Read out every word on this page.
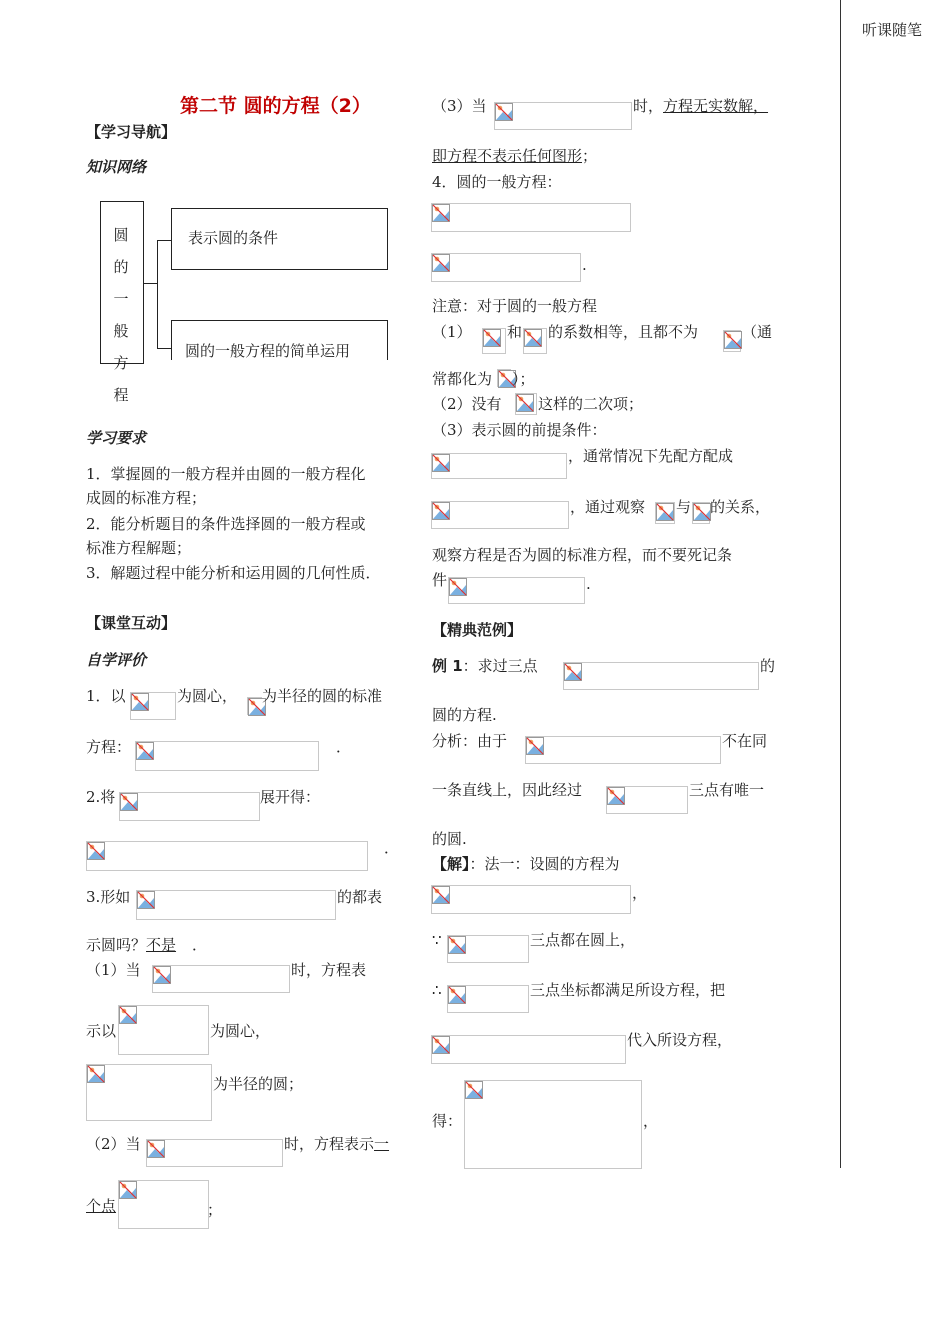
听课随笔
第二节 圆的方程（2）
【学习导航】
知识网络
圆
的
一
般
方
程
表示圆的条件
圆的一般方程的简单运用
学习要求
1．掌握圆的一般方程并由圆的一般方程化
成圆的标准方程；
2．能分析题目的条件选择圆的一般方程或
标准方程解题；
3．解题过程中能分析和运用圆的几何性质．
【课堂互动】
自学评价
1．以	为圆心， 为半径的圆的标准
方程：	．
2.将	展开得：
．
3.形如	的都表
示圆吗？不是 ．
（1）当	时，方程表
示以	为圆心，
为半径的圆；
（2）当	时，方程表示一
个点	；
（3）当	时，方程无实数解，
即方程不表示任何图形；
4．圆的一般方程：
.
注意：对于圆的一般方程
（1） 和 的系数相等，且都不为	（通
常都化为 ）；
（2）没有 这样的二次项；
（3）表示圆的前提条件：
，通常情况下先配方配成
，通过观察 与 的关系，
观察方程是否为圆的标准方程，而不要死记条
件	.
【精典范例】
例 1：求过三点	的
圆的方程.
分析：由于	不在同
一条直线上，因此经过	三点有唯一
的圆.
【解】：法一：设圆的方程为
，
∵	三点都在圆上，
∴	三点坐标都满足所设方程，把
代入所设方程，
得：	，
